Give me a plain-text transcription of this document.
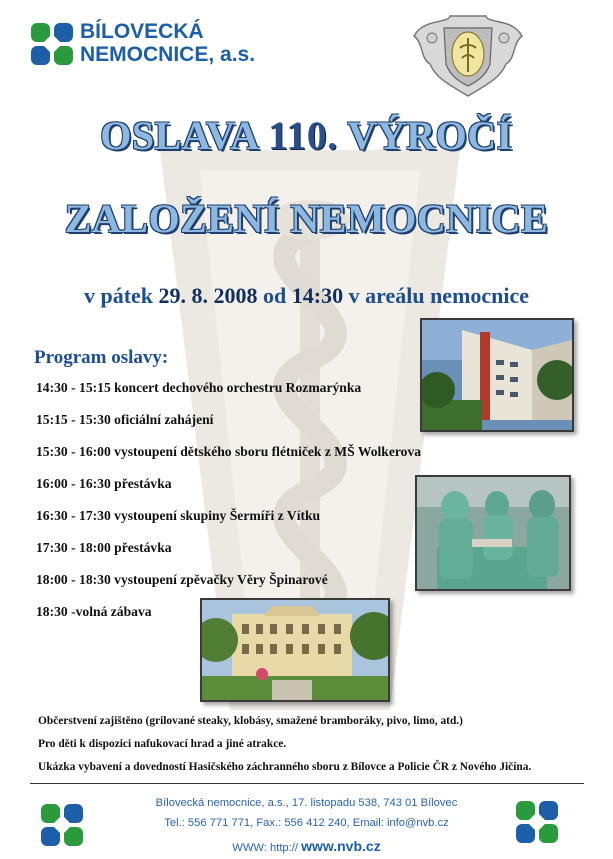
BÍLOVECKÁ
NEMOCNICE, a.s.
OSLAVA 110. VÝROČÍ
ZALOŽENÍ NEMOCNICE
v pátek 29. 8. 2008 od 14:30 v areálu nemocnice
Program oslavy:
14:30 - 15:15 koncert dechového orchestru Rozmarýnka
15:15 - 15:30 oficiální zahájení
15:30 - 16:00 vystoupení dětského sboru flétniček z MŠ Wolkerova
16:00 - 16:30 přestávka
16:30 - 17:30 vystoupení skupiny Šermíři z Vítku
17:30 - 18:00 přestávka
18:00 - 18:30 vystoupení zpěvačky Věry Špinarové
18:30 -volná zábava
Občerstvení zajištěno (grilované steaky, klobásy, smažené bramboráky, pivo, limo, atd.)
Pro děti k dispozici nafukovací hrad a jiné atrakce.
Ukázka vybavení a dovedností Hasičského záchranného sboru z Bílovce a Policie ČR z Nového Jičína.
Bílovecká nemocnice, a.s., 17. listopadu 538, 743 01 Bílovec
Tel.: 556 771 771, Fax.: 556 412 240, Email: info@nvb.cz
WWW: http:// www.nvb.cz
